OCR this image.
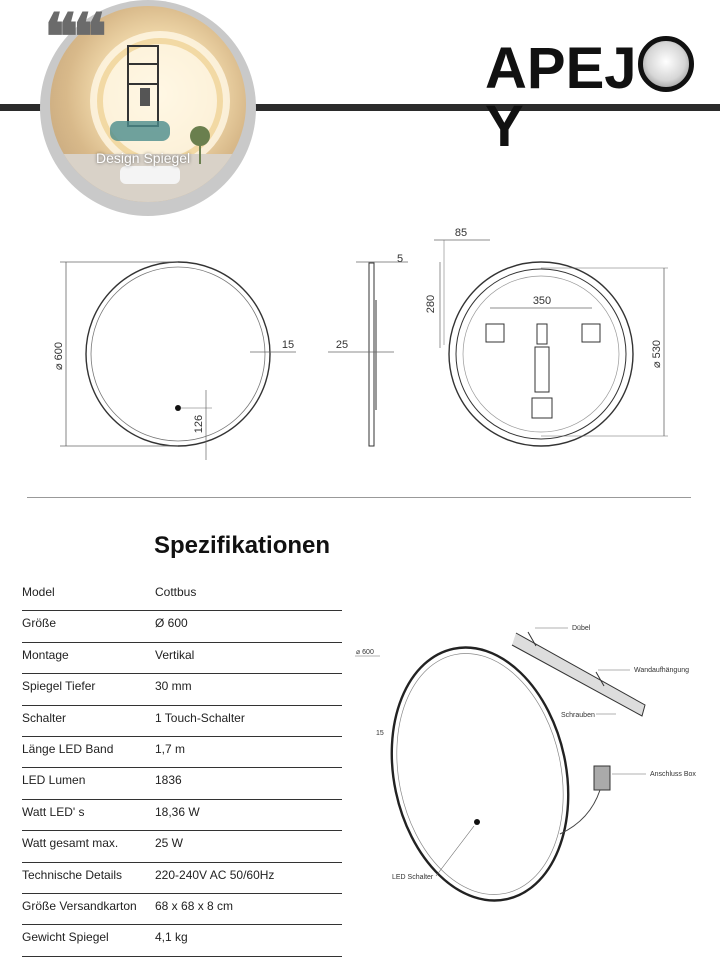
❝❝
Design Spiegel
APEJY
⌀ 600	15
126
5
25
85
280	350
⌀ 530
Spezifikationen
Model	Cottbus
Größe	Ø 600
Montage	Vertikal
Spiegel Tiefer	30 mm
Schalter	1 Touch-Schalter
Länge LED Band	1,7 m
LED Lumen	1836
Watt LED' s	18,36 W
Watt gesamt max.	25 W
Technische Details	220-240V AC 50/60Hz
Größe Versandkarton 68 x 68 x 8 cm
Gewicht Spiegel	4,1 kg
⌀ 600
15
Dübel
Wandaufhängung
Schrauben
Anschluss Box
LED Schalter
